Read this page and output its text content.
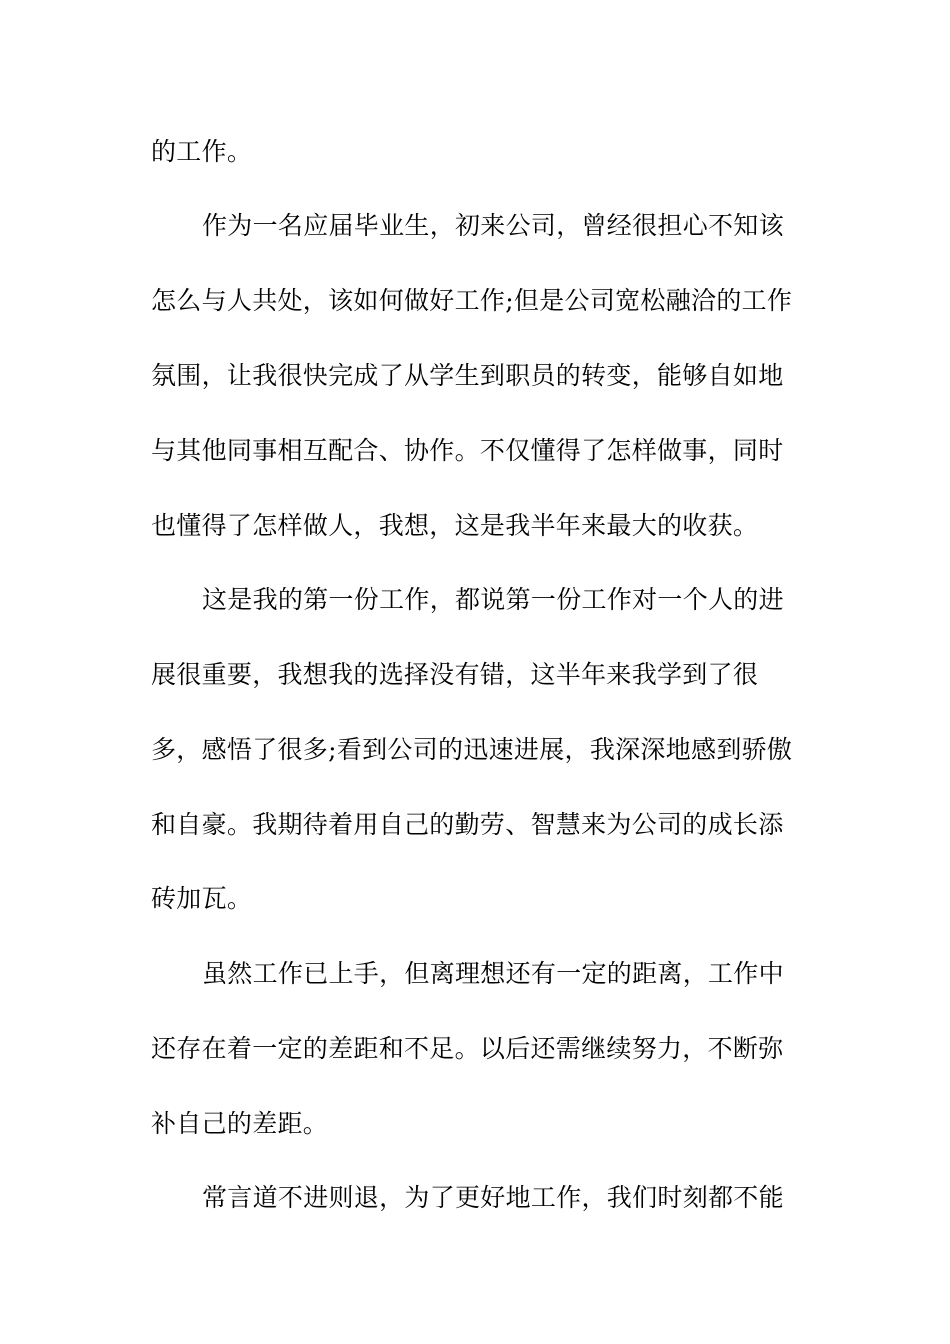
的工作。
作为一名应届毕业生，初来公司，曾经很担心不知该
怎么与人共处，该如何做好工作;但是公司宽松融洽的工作
氛围，让我很快完成了从学生到职员的转变，能够自如地
与其他同事相互配合、协作。不仅懂得了怎样做事，同时
也懂得了怎样做人，我想，这是我半年来最大的收获。
这是我的第一份工作，都说第一份工作对一个人的进
展很重要，我想我的选择没有错，这半年来我学到了很
多，感悟了很多;看到公司的迅速进展，我深深地感到骄傲
和自豪。我期待着用自己的勤劳、智慧来为公司的成长添
砖加瓦。
虽然工作已上手，但离理想还有一定的距离，工作中
还存在着一定的差距和不足。以后还需继续努力，不断弥
补自己的差距。
常言道不进则退，为了更好地工作，我们时刻都不能
